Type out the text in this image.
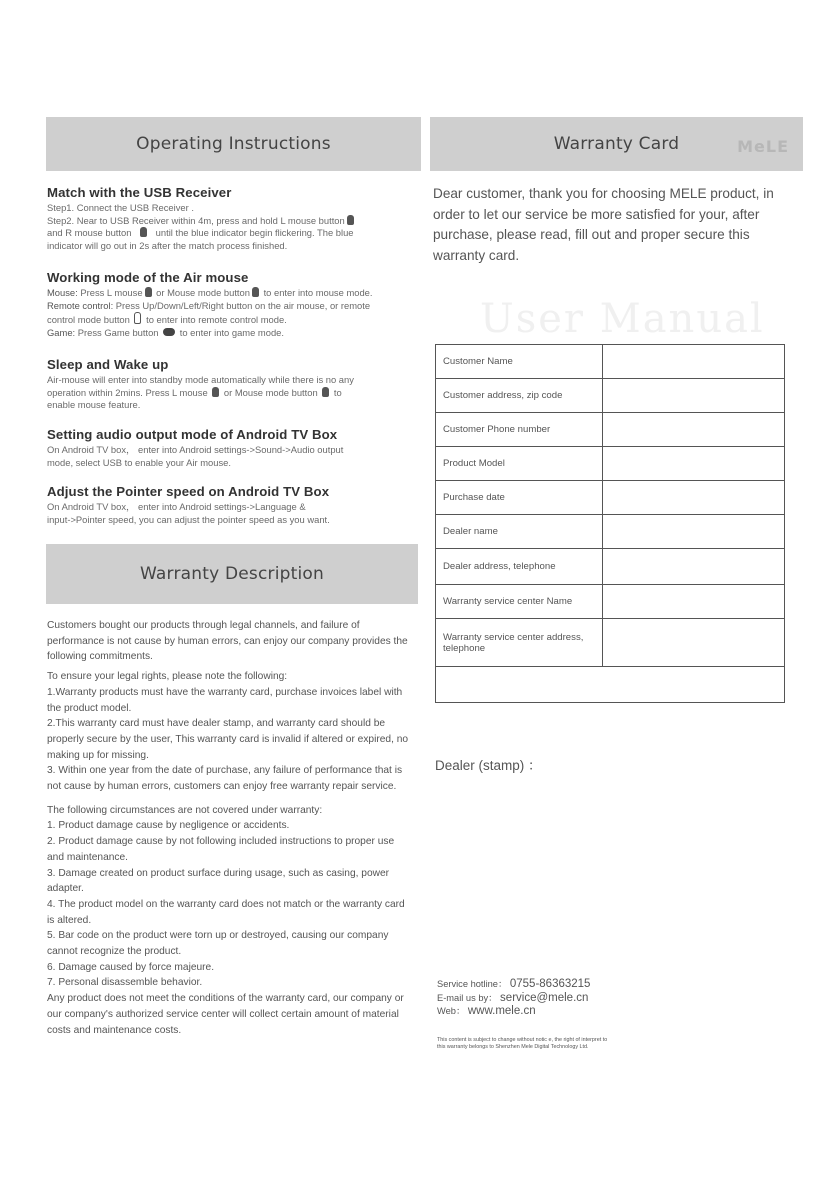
Operating Instructions
Match with the USB Receiver

Step1. Connect the USB Receiver .
Step2. Near to USB Receiver within 4m, press and hold L mouse button
and R mouse button	until the blue indicator begin flickering. The blue
indicator will go out in 2s after the match process finished.

Working mode of the Air mouse

Mouse: Press L mouse or Mouse mode button to enter into mouse mode.
Remote control: Press Up/Down/Left/Right button on the air mouse, or remote
control mode button to enter into remote control mode.
Game: Press Game button to enter into game mode.

Sleep and Wake up

Air-mouse will enter into standby mode automatically while there is no any
operation within 2mins. Press L mouse or Mouse mode button to
enable mouse feature.

Setting audio output mode of Android TV Box

On Android TV box， enter into Android settings->Sound->Audio output
mode, select USB to enable your Air mouse.

Adjust the Pointer speed on Android TV Box

On Android TV box， enter into Android settings->Language &
input->Pointer speed, you can adjust the pointer speed as you want.

Warranty Description

Customers bought our products through legal channels, and failure of performance is not cause by human errors, can enjoy our company provides the following commitments.

To ensure your legal rights, please note the following:

1.Warranty products must have the warranty card, purchase invoices label with the product model.

2.This warranty card must have dealer stamp, and warranty card should be properly secure by the user, This warranty card is invalid if altered or expired, no making up for missing.

3. Within one year from the date of purchase, any failure of performance that is not cause by human errors, customers can enjoy free warranty repair service.

The following circumstances are not covered under warranty:

1. Product damage cause by negligence or accidents.

2. Product damage cause by not following included instructions to proper use and maintenance.

3. Damage created on product surface during usage, such as casing, power adapter.

4. The product model on the warranty card does not match or the warranty card is altered.

5. Bar code on the product were torn up or destroyed, causing our company cannot recognize the product.

6. Damage caused by force majeure.

7. Personal disassemble behavior.

Any product does not meet the conditions of the warranty card, our company or our company's authorized service center will collect certain amount of material costs and maintenance costs.

Warranty Card	MeLE

Dear customer, thank you for choosing MELE product, in order to let our service be more satisfied for your, after purchase, please read, fill out and proper secure this warranty card.

User Manual
Customer Name	
Customer address, zip code	
Customer Phone number	
Product Model	
Purchase date	
Dealer name	
Dealer address, telephone	
Warranty service center Name	
Warranty service center address, telephone	

Dealer (stamp) ：
Service hotline： 0755-86363215
E-mail us by： service@mele.cn
Web： www.mele.cn
This content is subject to change without notic e, the right of interpret to
this warranty belongs to Shenzhen Mele Digital Technology Ltd.
